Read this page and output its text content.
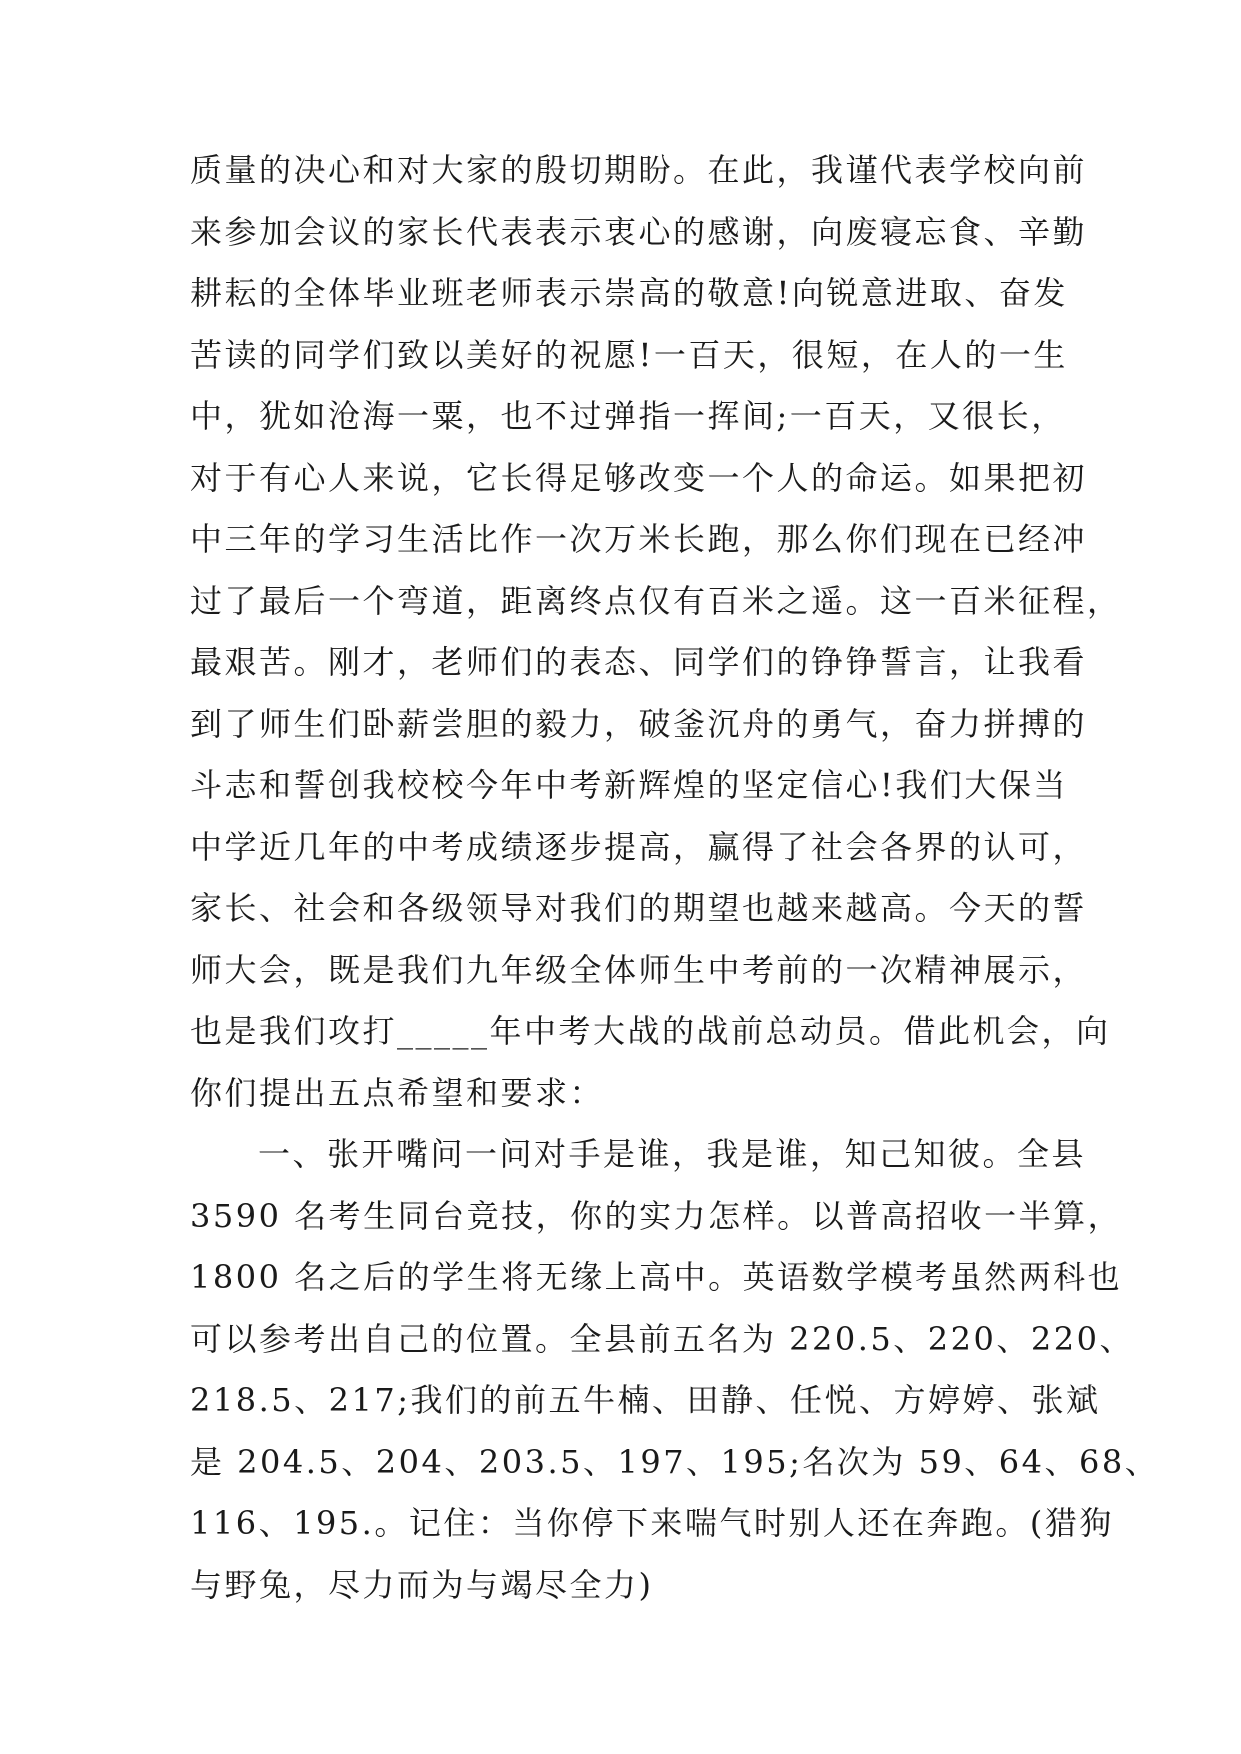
质量的决心和对大家的殷切期盼。在此，我谨代表学校向前
来参加会议的家长代表表示衷心的感谢，向废寝忘食、辛勤
耕耘的全体毕业班老师表示崇高的敬意!向锐意进取、奋发
苦读的同学们致以美好的祝愿!一百天，很短，在人的一生
中，犹如沧海一粟，也不过弹指一挥间;一百天，又很长，
对于有心人来说，它长得足够改变一个人的命运。如果把初
中三年的学习生活比作一次万米长跑，那么你们现在已经冲
过了最后一个弯道，距离终点仅有百米之遥。这一百米征程，
最艰苦。刚才，老师们的表态、同学们的铮铮誓言，让我看
到了师生们卧薪尝胆的毅力，破釜沉舟的勇气，奋力拼搏的
斗志和誓创我校校今年中考新辉煌的坚定信心!我们大保当
中学近几年的中考成绩逐步提高，赢得了社会各界的认可，
家长、社会和各级领导对我们的期望也越来越高。今天的誓
师大会，既是我们九年级全体师生中考前的一次精神展示，
也是我们攻打_____年中考大战的战前总动员。借此机会，向
你们提出五点希望和要求：
一、张开嘴问一问对手是谁，我是谁，知己知彼。全县
3590 名考生同台竞技，你的实力怎样。以普高招收一半算，
1800 名之后的学生将无缘上高中。英语数学模考虽然两科也
可以参考出自己的位置。全县前五名为 220.5、220、220、
218.5、217;我们的前五牛楠、田静、任悦、方婷婷、张斌
是 204.5、204、203.5、197、195;名次为 59、64、68、
116、195.。记住：当你停下来喘气时别人还在奔跑。(猎狗
与野兔，尽力而为与竭尽全力)
